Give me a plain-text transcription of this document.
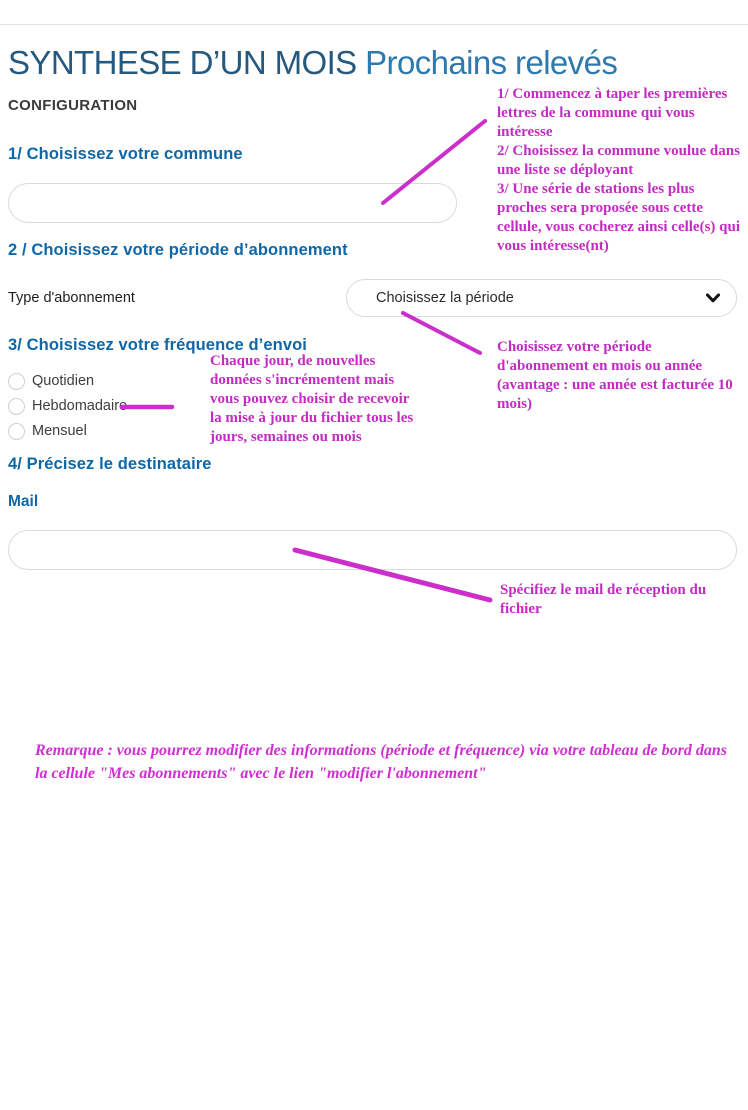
SYNTHESE D’UN MOIS Prochains relevés
CONFIGURATION
1/ Choisissez votre commune
2 / Choisissez votre période d’abonnement
Type d'abonnement	Choisissez la période
3/ Choisissez votre fréquence d’envoi
Quotidien
Hebdomadaire
Mensuel
4/ Précisez le destinataire
Mail
1/ Commencez à taper les premières lettres de la commune qui vous intéresse
2/ Choisissez la commune voulue dans une liste se déployant
3/ Une série de stations les plus proches sera proposée sous cette cellule, vous cocherez ainsi celle(s) qui vous intéresse(nt)
Choisissez votre période d'abonnement en mois ou année (avantage : une année est facturée 10 mois)
Chaque jour, de nouvelles données s'incrémentent mais vous pouvez choisir de recevoir la mise à jour du fichier tous les jours, semaines ou mois
Spécifiez le mail de réception du fichier
Remarque : vous pourrez modifier des informations (période et fréquence) via votre tableau de bord dans la cellule "Mes abonnements" avec le lien "modifier l'abonnement"
